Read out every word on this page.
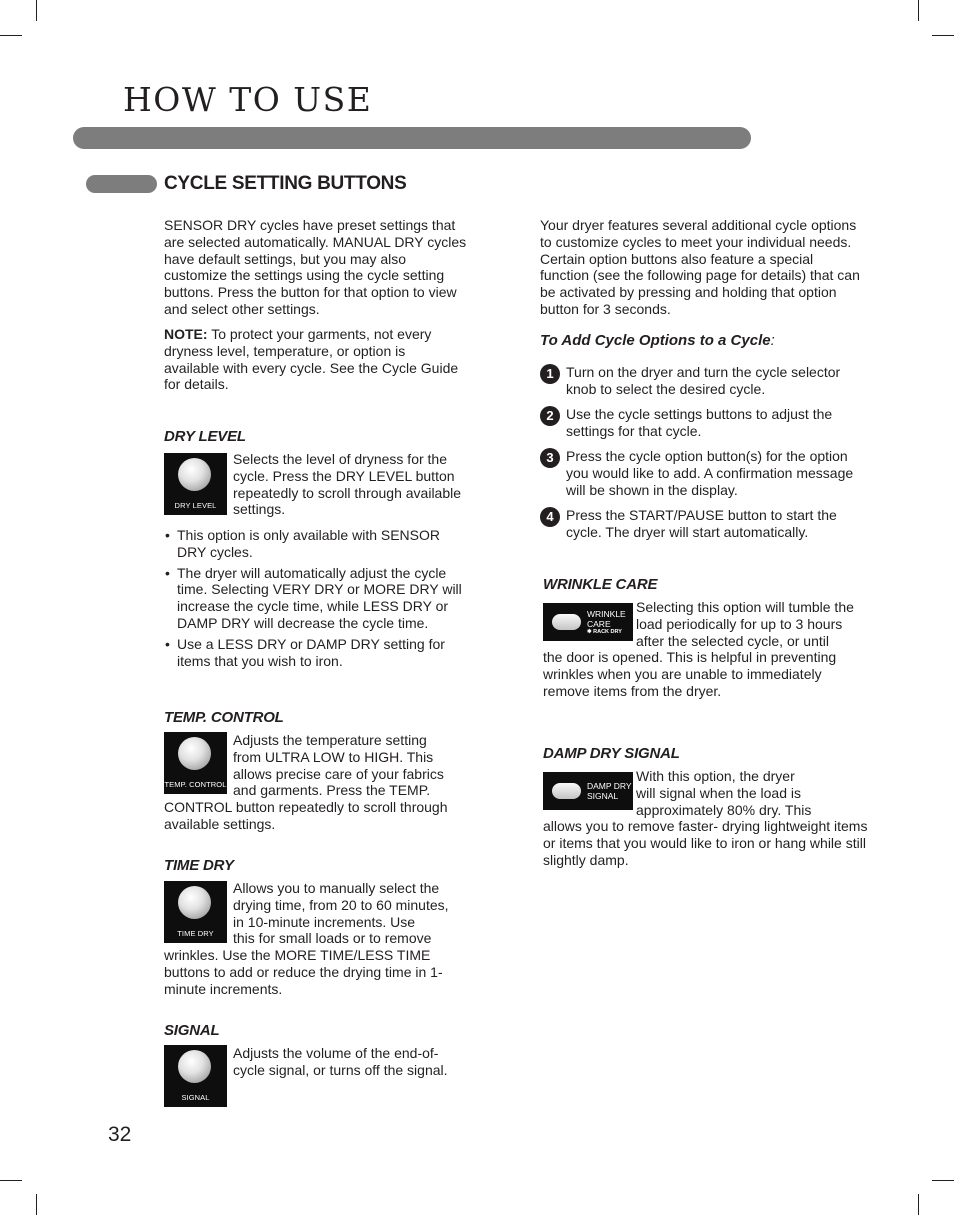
HOW TO USE
CYCLE SETTING BUTTONS

SENSOR DRY cycles have preset settings that are selected automatically. MANUAL DRY cycles have default settings, but you may also customize the settings using the cycle setting buttons. Press the button for that option to view and select other settings.

NOTE: To protect your garments, not every dryness level, temperature, or option is available with every cycle. See the Cycle Guide for details.

DRY LEVEL
DRY LEVEL

Selects the level of dryness for the cycle. Press the DRY LEVEL button repeatedly to scroll through available settings.

• This option is only available with SENSOR DRY cycles.
• The dryer will automatically adjust the cycle time. Selecting VERY DRY or MORE DRY will increase the cycle time, while LESS DRY or DAMP DRY will decrease the cycle time.
• Use a LESS DRY or DAMP DRY setting for items that you wish to iron.
TEMP. CONTROL
TEMP. CONTROL
Adjusts the temperature setting
from ULTRA LOW to HIGH. This
allows precise care of your fabrics
and garments. Press the TEMP.

CONTROL button repeatedly to scroll through available settings.

TIME DRY
TIME DRY
Allows you to manually select the
drying time, from 20 to 60 minutes,
in 10-minute increments. Use
this for small loads or to remove

wrinkles. Use the MORE TIME/LESS TIME buttons to add or reduce the drying time in 1-minute increments.

SIGNAL
SIGNAL

Adjusts the volume of the end-of-cycle signal, or turns off the signal.

Your dryer features several additional cycle options to customize cycles to meet your individual needs. Certain option buttons also feature a special function (see the following page for details) that can be activated by pressing and holding that option button for 3 seconds.

To Add Cycle Options to a Cycle:
1 Turn on the dryer and turn the cycle selector knob to select the desired cycle.
2 Use the cycle settings buttons to adjust the settings for that cycle.
3 Press the cycle option button(s) for the option you would like to add. A confirmation message will be shown in the display.
4 Press the START/PAUSE button to start the cycle. The dryer will start automatically.
WRINKLE CARE
WRINKLE
CARE
✱ RACK DRY
Selecting this option will tumble the
load periodically for up to 3 hours
after the selected cycle, or until

the door is opened. This is helpful in preventing wrinkles when you are unable to immediately remove items from the dryer.

DAMP DRY SIGNAL
DAMP DRY
SIGNAL
With this option, the dryer
will signal when the load is
approximately 80% dry. This

allows you to remove faster- drying lightweight items or items that you would like to iron or hang while still slightly damp.

32
